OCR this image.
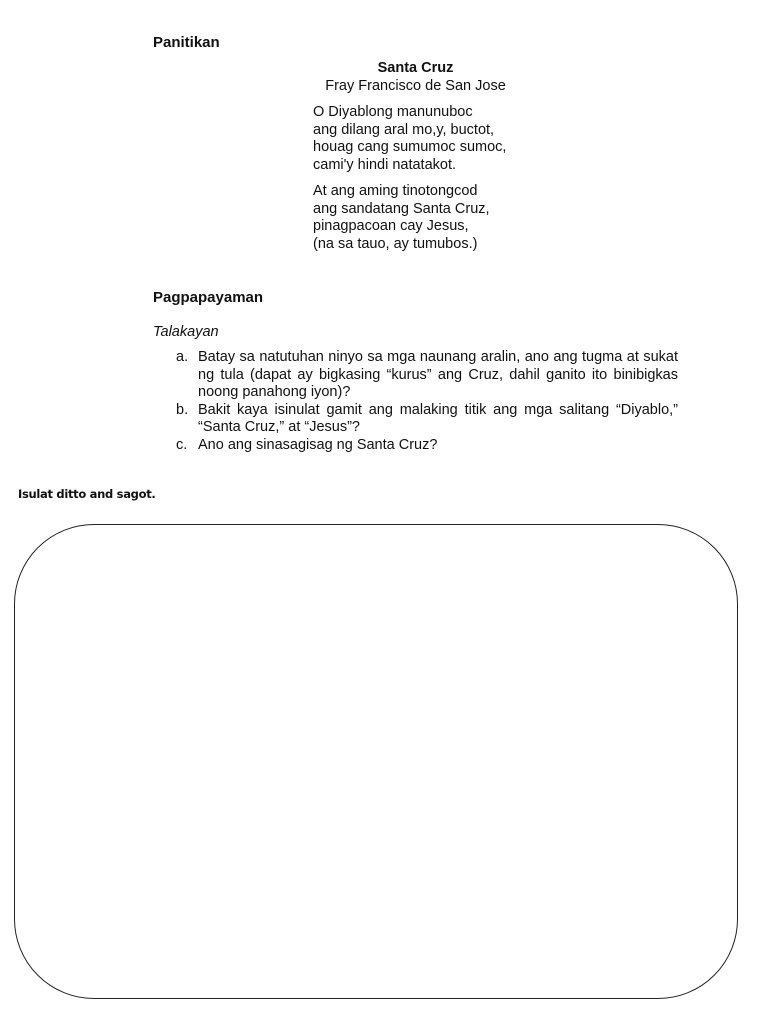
Panitikan
Santa Cruz
Fray Francisco de San Jose
O Diyablong manunuboc
ang dilang aral mo,y, buctot,
houag cang sumumoc sumoc,
cami'y hindi natatakot.
At ang aming tinotongcod
ang sandatang Santa Cruz,
pinagpacoan cay Jesus,
(na sa tauo, ay tumubos.)
Pagpapayaman
Talakayan
a. Batay sa natutuhan ninyo sa mga naunang aralin, ano ang tugma at sukat ng tula (dapat ay bigkasing “kurus” ang Cruz, dahil ganito ito binibigkas noong panahong iyon)?
b. Bakit kaya isinulat gamit ang malaking titik ang mga salitang “Diyablo,” “Santa Cruz,” at “Jesus”?
c. Ano ang sinasagisag ng Santa Cruz?
Isulat ditto and sagot.
